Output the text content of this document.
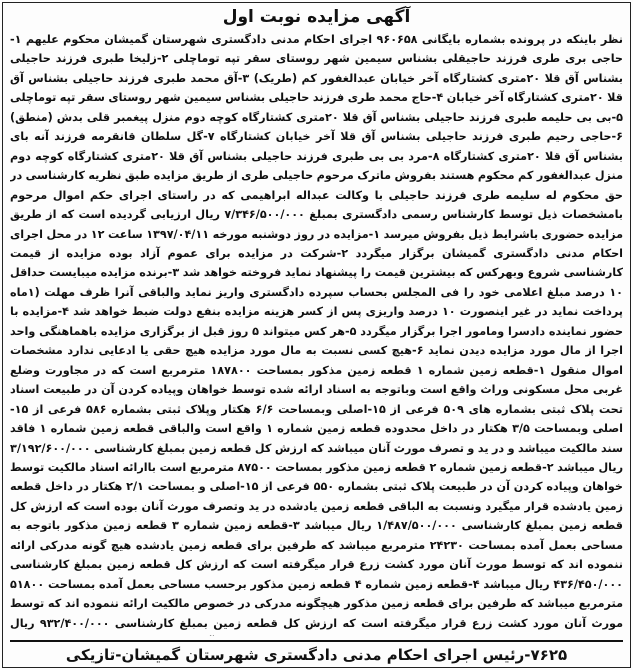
آگهی مزایده نوبت اول
نظر باینکه در پرونده بشماره بایگانی ۹۶۰۶۵۸ اجرای احکام مدنی دادگستری شهرستان گمیشان محکوم علیهم ۱-حاجی بری طری فرزند حاجیقلی بشناس سیمین شهر روستای سقر تپه توماچلی ۲-زلیخا طبری فرزند حاجیلی بشناس آق قلا ۲۰متری کشتارگاه آخر خیابان عبدالغفور کم (طریک) ۳-آق محمد طبری فرزند حاجیلی بشناس آق قلا ۲۰متری کشتارگاه آخر خیابان ۴-حاج محمد طری فرزند حاجیلی بشناس سیمین شهر روستای سقر تپه توماچلی ۵-بی بی حلیمه طبری فرزند حاجیلی بشناس آق قلا ۲۰متری کشتارگاه کوچه دوم منزل پیغمبر قلی بدش (منطق) ۶-حاجی رحیم طبری فرزند حاجیلی بشناس آق قلا آخر خیابان کشتارگاه ۷-گل سلطان قانقرمه فرزند آنه بای بشناس آق قلا ۲۰متری کشتارگاه ۸-مرد بی بی طبری فرزند حاجیلی بشناس آق قلا ۲۰متری کشتارگاه کوچه دوم منزل عبدالغفور کم محکوم هستند بفروش ماترک مرحوم حاجیلی طری از طریق مزایده طبق نظریه کارشناسی در حق محکوم له سلیمه طری فرزند حاجیلی با وکالت عبداله ابراهیمی که در راستای اجرای حکم اموال مرحوم بامشخصات ذیل توسط کارشناس رسمی دادگستری بمبلغ ۷/۳۴۶/۵۰۰/۰۰۰ ریال ارزیابی گردیده است که از طریق مزایده حضوری باشرایط ذیل بفروش میرسد ۱-مزایده در روز دوشنبه مورخه ۱۳۹۷/۰۴/۱۱ ساعت ۱۲ در محل اجرای احکام مدنی دادگستری گمیشان برگزار میگردد ۲-شرکت در مزایده برای عموم آزاد بوده مزایده از قیمت کارشناسی شروع وبهرکس که بیشترین قیمت را پیشنهاد نماید فروخته خواهد شد ۳-برنده مزایده میبایست حداقل ۱۰ درصد مبلغ اعلامی خود را فی المجلس بحساب سپرده دادگستری واریز نماید والباقی آنرا ظرف مهلت (۱ماه پرداخت نماید در غیر اینصورت ۱۰ درصد واریزی پس از کسر هزینه مزایده بنفع دولت ضبط خواهد شد ۴-مزایده با حضور نماینده دادسرا ومامور اجرا برگزار میگردد ۵-هر کس میتواند ۵ روز قبل از برگزاری مزایده باهماهنگی واحد اجرا از مال مورد مزایده دیدن نماید ۶-هیچ کسی نسبت به مال مورد مزایده هیچ حقی یا ادعایی ندارد مشخصات اموال منقول ۱-قطعه زمین شماره ۱ قطعه زمین مذکور بمساحت ۱۸۷۸۰۰ مترمربع است که در مجاورت وضلع غربی محل مسکونی وراث واقع است وباتوجه به اسناد ارائه شده توسط خواهان وپیاده کردن آن در طبیعت اسناد تحت پلاک ثبتی بشماره های ۵۰۹ فرعی از ۱۵-اصلی وبمساحت ۶/۶ هکتار وپلاک ثبتی بشماره ۵۸۶ فرعی از ۱۵-اصلی وبمساحت ۳/۵ هکتار در داخل محدوده قطعه زمین شماره ۱ واقع است والباقی قطعه زمین شماره ۱ فاقد سند مالکیت میباشد و در ید و تصرف مورث آنان میباشد که ارزش کل قطعه زمین بمبلغ کارشناسی ۳/۱۹۲/۶۰۰/۰۰۰ ریال میباشد ۲-قطعه زمین شماره ۲ قطعه زمین مذکور بمساحت ۸۷۵۰۰ مترمربع است باارائه اسناد مالکیت توسط خواهان وپیاده کردن آن در طبیعت پلاک ثبتی بشماره ۵۵۰ فرعی از ۱۵-اصلی و بمساحت ۲/۱ هکتار در داخل قطعه زمین یادشده قرار میگیرد ونسبت به الباقی قطعه زمین یادشده در ید وتصرف مورث آنان بوده است که ارزش کل قطعه زمین بمبلغ کارشناسی ۱/۴۸۷/۵۰۰/۰۰۰ ریال میباشد ۳-قطعه زمین شماره ۳ قطعه زمین مذکور باتوجه به مساحی بعمل آمده بمساحت ۲۴۲۳۰ مترمربع میباشد که طرفین برای قطعه زمین یادشده هیچ گونه مدرکی ارائه ننموده اند که توسط مورث آنان مورد کشت زرع قرار میگرفته است که ارزش کل قطعه زمین بمبلغ کارشناسی ۴۳۶/۴۵۰/۰۰۰ ریال میباشد ۴-قطعه زمین شماره ۴ قطعه زمین مذکور برحسب مساحی بعمل آمده بمساحت ۵۱۸۰۰ مترمربع میباشد که طرفین برای قطعه زمین مذکور هیچگونه مدرکی در خصوص مالکیت ارائه ننموده اند که توسط مورث آنان مورد کشت زرع قرار میگرفته است که ارزش کل قطعه زمین بمبلغ کارشناسی ۹۳۲/۴۰۰/۰۰۰ ریال
۷۶۲۵-رئیس اجرای احکام مدنی دادگستری شهرستان گمیشان-تازیکی
